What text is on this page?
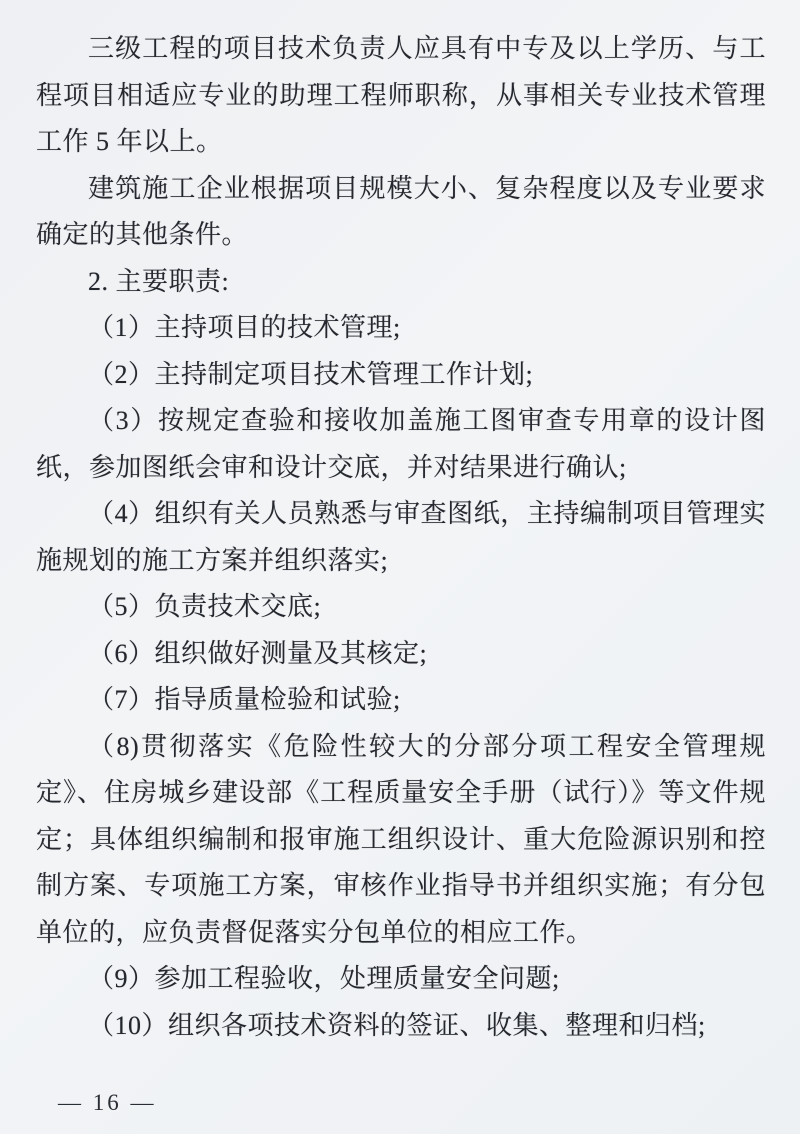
三级工程的项目技术负责人应具有中专及以上学历、与工程项目相适应专业的助理工程师职称，从事相关专业技术管理工作 5 年以上。

建筑施工企业根据项目规模大小、复杂程度以及专业要求确定的其他条件。

2. 主要职责:

（1）主持项目的技术管理;

（2）主持制定项目技术管理工作计划;

（3）按规定查验和接收加盖施工图审查专用章的设计图纸，参加图纸会审和设计交底，并对结果进行确认;

（4）组织有关人员熟悉与审查图纸，主持编制项目管理实施规划的施工方案并组织落实;

（5）负责技术交底;

（6）组织做好测量及其核定;

（7）指导质量检验和试验;

（8)贯彻落实《危险性较大的分部分项工程安全管理规定》、住房城乡建设部《工程质量安全手册（试行）》等文件规定；具体组织编制和报审施工组织设计、重大危险源识别和控制方案、专项施工方案，审核作业指导书并组织实施；有分包单位的，应负责督促落实分包单位的相应工作。

（9）参加工程验收，处理质量安全问题;

（10）组织各项技术资料的签证、收集、整理和归档;

— 16 —
